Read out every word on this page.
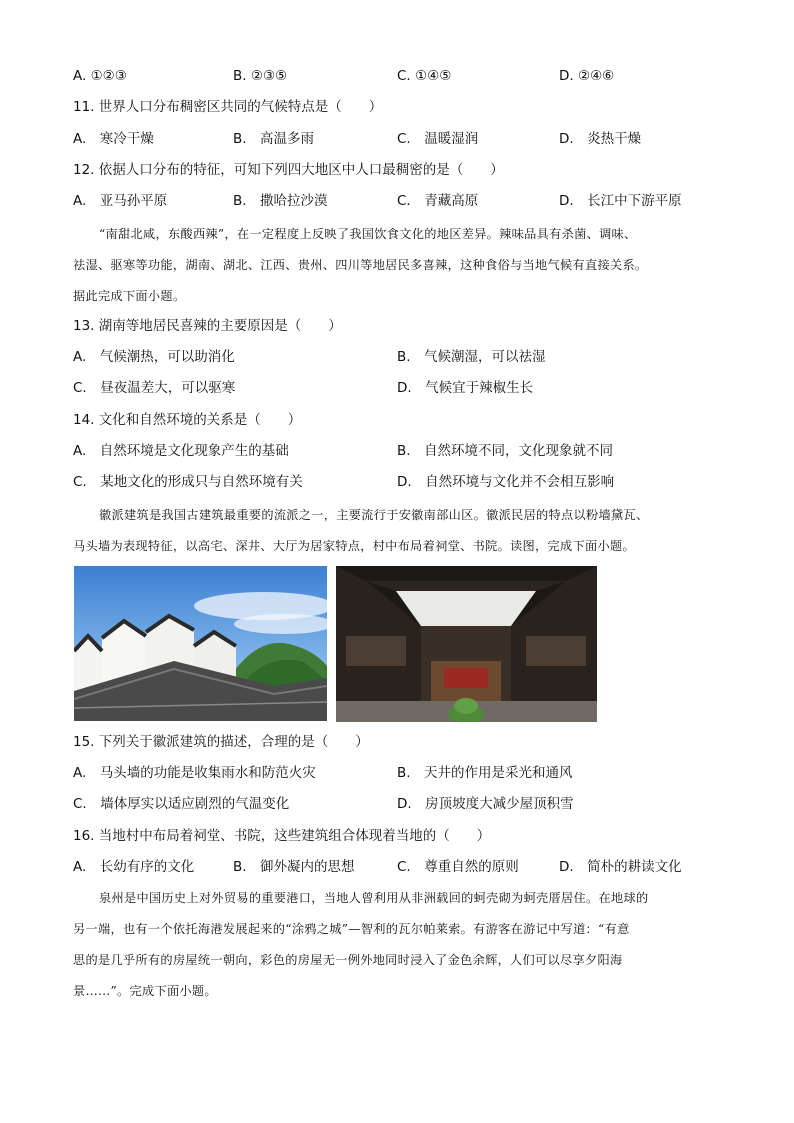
A. ①②③	B. ②③⑤	C. ①④⑤	D. ②④⑥
11. 世界人口分布稠密区共同的气候特点是（　　）
A.　寒冷干燥	B.　高温多雨	C.　温暖湿润	D.　炎热干燥
12. 依据人口分布的特征，可知下列四大地区中人口最稠密的是（　　）
A.　亚马孙平原	B.　撒哈拉沙漠	C.　青藏高原	D.　长江中下游平原

“南甜北咸，东酸西辣”，在一定程度上反映了我国饮食文化的地区差异。辣味品具有杀菌、调味、

祛湿、驱寒等功能，湖南、湖北、江西、贵州、四川等地居民多喜辣，这种食俗与当地气候有直接关系。

据此完成下面小题。

13. 湖南等地居民喜辣的主要原因是（　　）
A.　气候潮热，可以助消化	B.　气候潮湿，可以祛湿
C.　昼夜温差大，可以驱寒	D.　气候宜于辣椒生长
14. 文化和自然环境的关系是（　　）
A.　自然环境是文化现象产生的基础	B.　自然环境不同，文化现象就不同
C.　某地文化的形成只与自然环境有关	D.　自然环境与文化并不会相互影响

徽派建筑是我国古建筑最重要的流派之一，主要流行于安徽南部山区。徽派民居的特点以粉墙黛瓦、

马头墙为表现特征，以高宅、深井、大厅为居家特点，村中布局着祠堂、书院。读图，完成下面小题。

15. 下列关于徽派建筑的描述，合理的是（　　）
A.　马头墙的功能是收集雨水和防范火灾	B.　天井的作用是采光和通风
C.　墙体厚实以适应剧烈的气温变化	D.　房顶坡度大减少屋顶积雪
16. 当地村中布局着祠堂、书院，这些建筑组合体现着当地的（　　）
A.　长幼有序的文化	B.　御外凝内的思想	C.　尊重自然的原则	D.　简朴的耕读文化

泉州是中国历史上对外贸易的重要港口，当地人曾利用从非洲载回的蚵壳砌为蚵壳厝居住。在地球的

另一端，也有一个依托海港发展起来的“涂鸦之城”—智利的瓦尔帕莱索。有游客在游记中写道：“有意

思的是几乎所有的房屋统一朝向，彩色的房屋无一例外地同时浸入了金色余辉，人们可以尽享夕阳海

景……”。完成下面小题。
